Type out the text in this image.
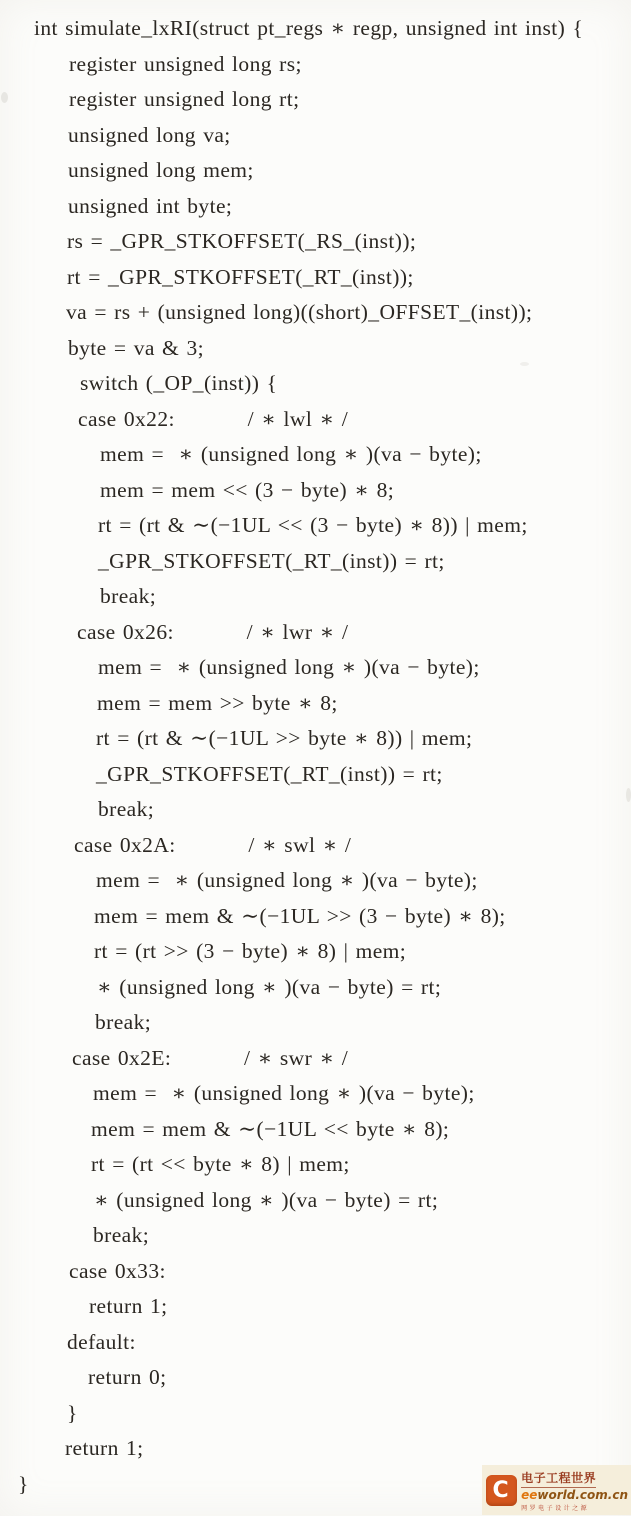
int simulate_lxRI(struct pt_regs ∗ regp, unsigned int inst) {
register unsigned long rs;
register unsigned long rt;
unsigned long va;
unsigned long mem;
unsigned int byte;
rs = _GPR_STKOFFSET(_RS_(inst));
rt = _GPR_STKOFFSET(_RT_(inst));
va = rs + (unsigned long)((short)_OFFSET_(inst));
byte = va & 3;
switch (_OP_(inst)) {
case 0x22:          / ∗ lwl ∗ /
mem =  ∗ (unsigned long ∗ )(va − byte);
mem = mem << (3 − byte) ∗ 8;
rt = (rt & ∼(−1UL << (3 − byte) ∗ 8)) | mem;
_GPR_STKOFFSET(_RT_(inst)) = rt;
break;
case 0x26:          / ∗ lwr ∗ /
mem =  ∗ (unsigned long ∗ )(va − byte);
mem = mem >> byte ∗ 8;
rt = (rt & ∼(−1UL >> byte ∗ 8)) | mem;
_GPR_STKOFFSET(_RT_(inst)) = rt;
break;
case 0x2A:          / ∗ swl ∗ /
mem =  ∗ (unsigned long ∗ )(va − byte);
mem = mem & ∼(−1UL >> (3 − byte) ∗ 8);
rt = (rt >> (3 − byte) ∗ 8) | mem;
∗ (unsigned long ∗ )(va − byte) = rt;
break;
case 0x2E:          / ∗ swr ∗ /
mem =  ∗ (unsigned long ∗ )(va − byte);
mem = mem & ∼(−1UL << byte ∗ 8);
rt = (rt << byte ∗ 8) | mem;
∗ (unsigned long ∗ )(va − byte) = rt;
break;
case 0x33:
return 1;
default:
return 0;
}
return 1;
}	C 电子工程世界
eeworld.com.cn
网罗电子设计之源
